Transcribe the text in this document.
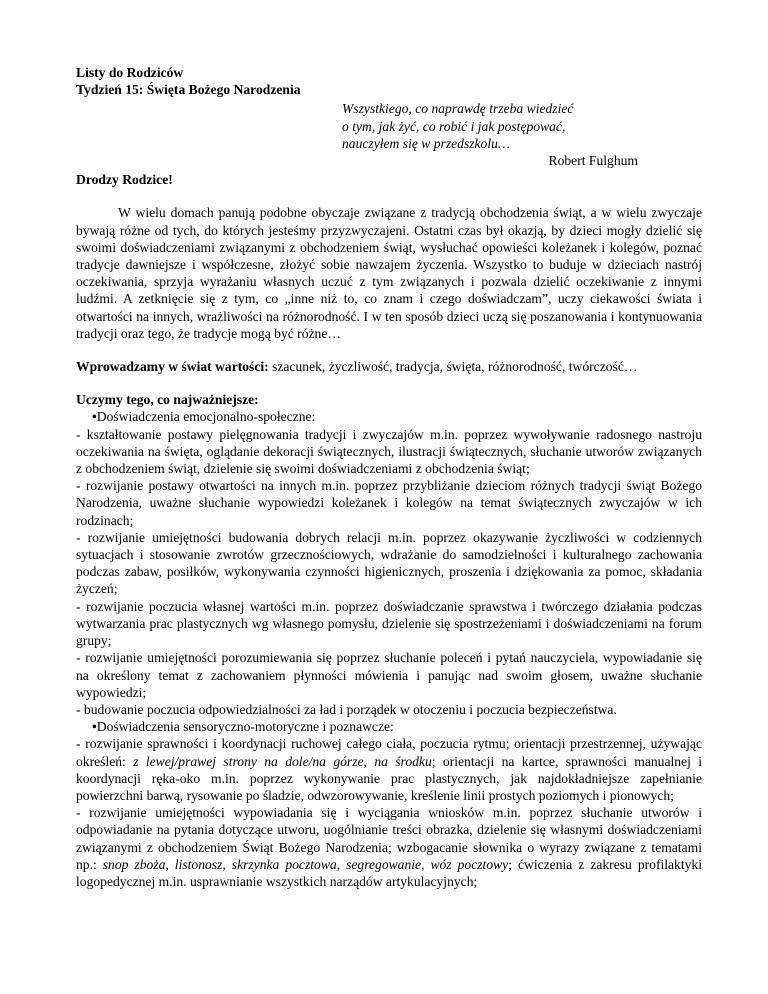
Listy do Rodziców
Tydzień 15: Święta Bożego Narodzenia
Wszystkiego, co naprawdę trzeba wiedzieć
o tym, jak żyć, co robić i jak postępować,
nauczyłem się w przedszkolu…
Robert Fulghum
Drodzy Rodzice!

W wielu domach panują podobne obyczaje związane z tradycją obchodzenia świąt, a w wielu zwyczaje bywają różne od tych, do których jesteśmy przyzwyczajeni. Ostatni czas był okazją, by dzieci mogły dzielić się swoimi doświadczeniami związanymi z obchodzeniem świąt, wysłuchać opowieści koleżanek i kolegów, poznać tradycje dawniejsze i współczesne, złożyć sobie nawzajem życzenia. Wszystko to buduje w dzieciach nastrój oczekiwania, sprzyja wyrażaniu własnych uczuć z tym związanych i pozwala dzielić oczekiwanie z innymi ludźmi. A zetknięcie się z tym, co „inne niż to, co znam i czego doświadczam”, uczy ciekawości świata i otwartości na innych, wrażliwości na różnorodność. I w ten sposób dzieci uczą się poszanowania i kontynuowania tradycji oraz tego, że tradycje mogą być różne…

Wprowadzamy w świat wartości: szacunek, życzliwość, tradycja, święta, różnorodność, twórczość…

Uczymy tego, co najważniejsze:
• Doświadczenia emocjonalno-społeczne:

- kształtowanie postawy pielęgnowania tradycji i zwyczajów m.in. poprzez wywoływanie radosnego nastroju oczekiwania na święta, oglądanie dekoracji świątecznych, ilustracji świątecznych, słuchanie utworów związanych z obchodzeniem świąt, dzielenie się swoimi doświadczeniami z obchodzenia świąt;

- rozwijanie postawy otwartości na innych m.in. poprzez przybliżanie dzieciom różnych tradycji świąt Bożego Narodzenia, uważne słuchanie wypowiedzi koleżanek i kolegów na temat świątecznych zwyczajów w ich rodzinach;

- rozwijanie umiejętności budowania dobrych relacji m.in. poprzez okazywanie życzliwości w codziennych sytuacjach i stosowanie zwrotów grzecznościowych, wdrażanie do samodzielności i kulturalnego zachowania podczas zabaw, posiłków, wykonywania czynności higienicznych, proszenia i dziękowania za pomoc, składania życzeń;

- rozwijanie poczucia własnej wartości m.in. poprzez doświadczanie sprawstwa i twórczego działania podczas wytwarzania prac plastycznych wg własnego pomysłu, dzielenie się spostrzeżeniami i doświadczeniami na forum grupy;

- rozwijanie umiejętności porozumiewania się poprzez słuchanie poleceń i pytań nauczyciela, wypowiadanie się na określony temat z zachowaniem płynności mówienia i panując nad swoim głosem, uważne słuchanie wypowiedzi;

- budowanie poczucia odpowiedzialności za ład i porządek w otoczeniu i poczucia bezpieczeństwa.

• Doświadczenia sensoryczno-motoryczne i poznawcze:

- rozwijanie sprawności i koordynacji ruchowej całego ciała, poczucia rytmu; orientacji przestrzennej, używając określeń: z lewej/prawej strony na dole/na górze, na środku; orientacji na kartce, sprawności manualnej i koordynacji ręka-oko m.in. poprzez wykonywanie prac plastycznych, jak najdokładniejsze zapełnianie powierzchni barwą, rysowanie po śladzie, odwzorowywanie, kreślenie linii prostych poziomych i pionowych;

- rozwijanie umiejętności wypowiadania się i wyciągania wniosków m.in. poprzez słuchanie utworów i odpowiadanie na pytania dotyczące utworu, uogólnianie treści obrazka, dzielenie się własnymi doświadczeniami związanymi z obchodzeniem Świąt Bożego Narodzenia; wzbogacanie słownika o wyrazy związane z tematami np.: snop zboża, listonosz, skrzynka pocztowa, segregowanie, wóz pocztowy; ćwiczenia z zakresu profilaktyki logopedycznej m.in. usprawnianie wszystkich narządów artykulacyjnych;
